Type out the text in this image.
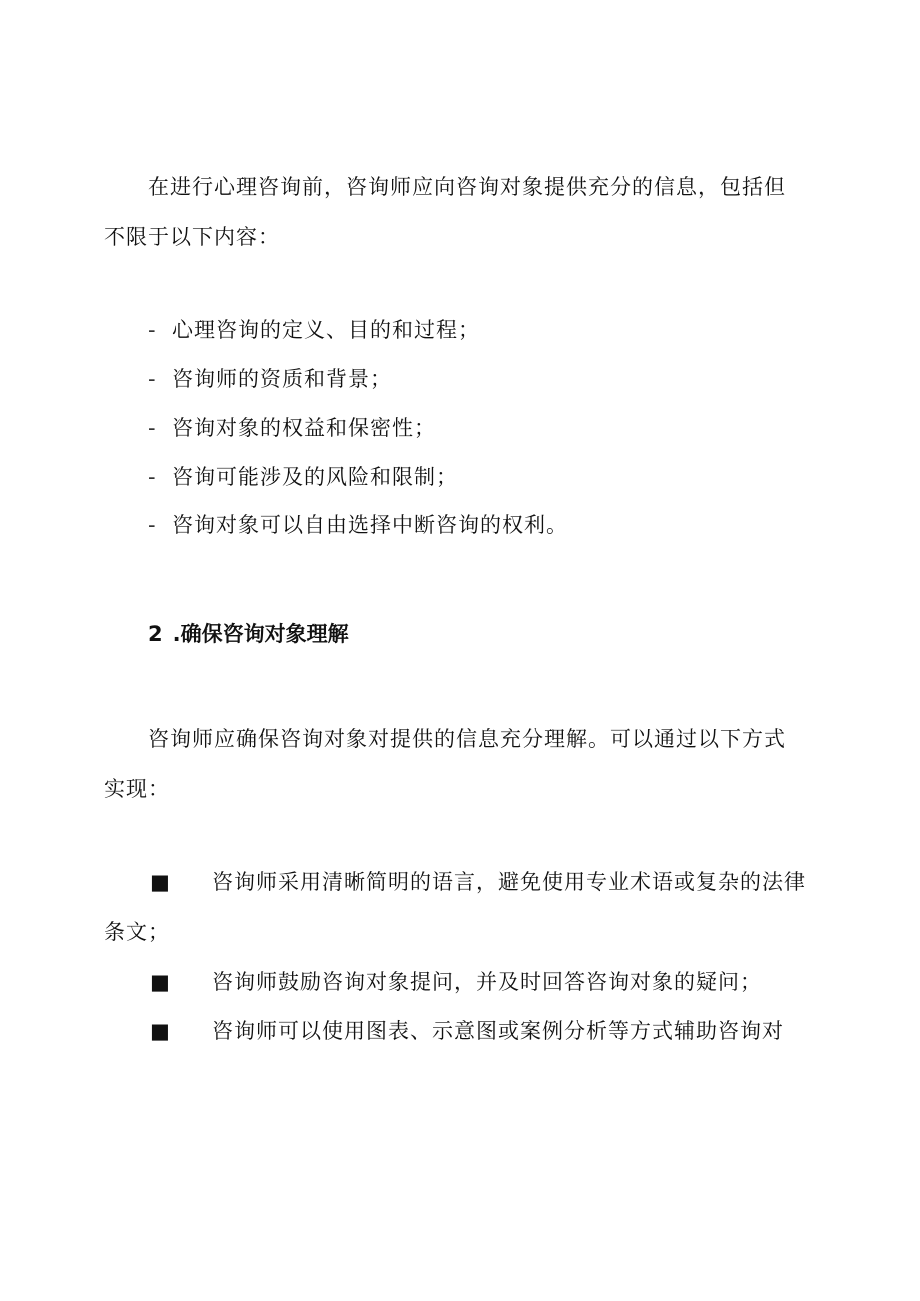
在进行心理咨询前，咨询师应向咨询对象提供充分的信息，包括但不限于以下内容：

- 心理咨询的定义、目的和过程；
- 咨询师的资质和背景；
- 咨询对象的权益和保密性；
- 咨询可能涉及的风险和限制；
- 咨询对象可以自由选择中断咨询的权利。
2 .确保咨询对象理解

咨询师应确保咨询对象对提供的信息充分理解。可以通过以下方式实现：

■	咨询师采用清晰简明的语言，避免使用专业术语或复杂的法律条文；
■	咨询师鼓励咨询对象提问，并及时回答咨询对象的疑问；
■	咨询师可以使用图表、示意图或案例分析等方式辅助咨询对
